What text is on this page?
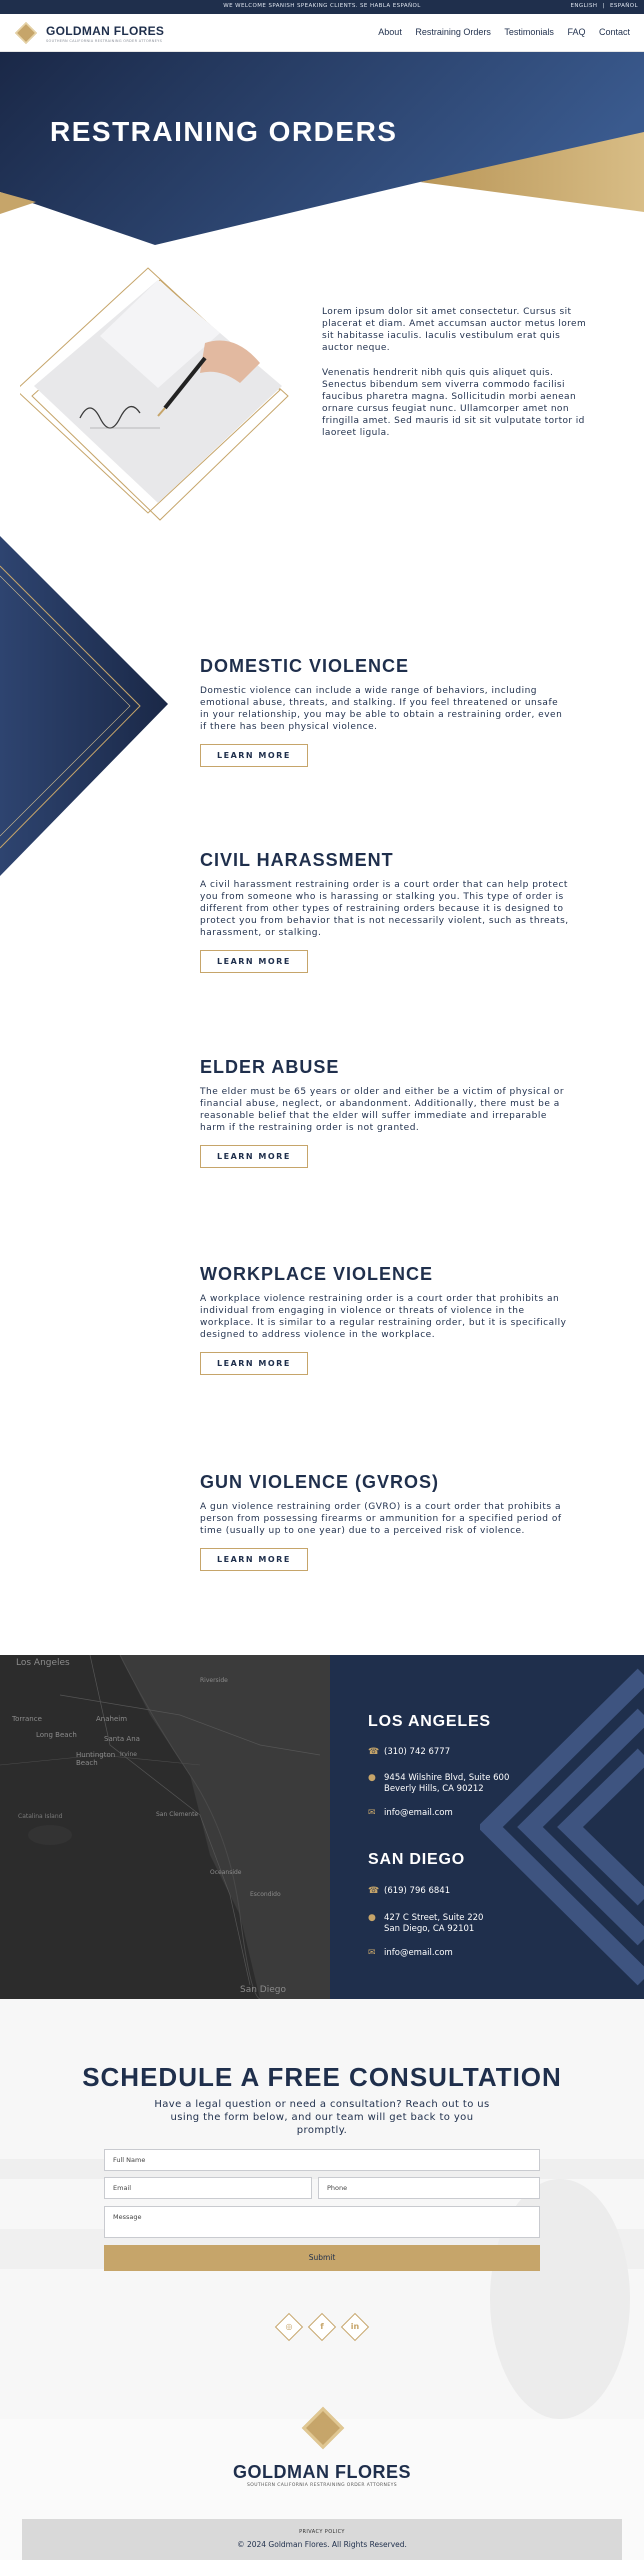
WE WELCOME SPANISH SPEAKING CLIENTS. SE HABLA ESPAÑOL	ENGLISH | ESPAÑOL
GOLDMAN FLORES
SOUTHERN CALIFORNIA RESTRAINING ORDER ATTORNEYS
About Restraining Orders Testimonials FAQ Contact
RESTRAINING ORDERS

Lorem ipsum dolor sit amet consectetur. Cursus sit placerat et diam. Amet accumsan auctor metus lorem sit habitasse iaculis. Iaculis vestibulum erat quis auctor neque.

Venenatis hendrerit nibh quis quis aliquet quis. Senectus bibendum sem viverra commodo facilisi faucibus pharetra magna. Sollicitudin morbi aenean ornare cursus feugiat nunc. Ullamcorper amet non fringilla amet. Sed mauris id sit sit vulputate tortor id laoreet ligula.

DOMESTIC VIOLENCE

Domestic violence can include a wide range of behaviors, including emotional abuse, threats, and stalking. If you feel threatened or unsafe in your relationship, you may be able to obtain a restraining order, even if there has been physical violence.

LEARN MORE
CIVIL HARASSMENT

A civil harassment restraining order is a court order that can help protect you from someone who is harassing or stalking you. This type of order is different from other types of restraining orders because it is designed to protect you from behavior that is not necessarily violent, such as threats, harassment, or stalking.

LEARN MORE
ELDER ABUSE

The elder must be 65 years or older and either be a victim of physical or financial abuse, neglect, or abandonment. Additionally, there must be a reasonable belief that the elder will suffer immediate and irreparable harm if the restraining order is not granted.

LEARN MORE
WORKPLACE VIOLENCE

A workplace violence restraining order is a court order that prohibits an individual from engaging in violence or threats of violence in the workplace. It is similar to a regular restraining order, but it is specifically designed to address violence in the workplace.

LEARN MORE
GUN VIOLENCE (GVROS)

A gun violence restraining order (GVRO) is a court order that prohibits a person from possessing firearms or ammunition for a specified period of time (usually up to one year) due to a perceived risk of violence.

LEARN MORE
Los Angeles
Torrance
Long Beach
Anaheim
Santa Ana
Huntington Beach
Irvine
Catalina Island
Riverside
San Clemente
Oceanside
Escondido
San Diego
LOS ANGELES
☎ (310) 742 6777
● 9454 Wilshire Blvd, Suite 600
Beverly Hills, CA 90212
✉ info@email.com
SAN DIEGO
☎ (619) 796 6841
● 427 C Street, Suite 220
San Diego, CA 92101
✉ info@email.com
SCHEDULE A FREE CONSULTATION
Have a legal question or need a consultation? Reach out to us using the form below, and our team will get back to you promptly.
Full Name
Email	Phone
Message
Submit
◎	f	in
GOLDMAN FLORES
SOUTHERN CALIFORNIA RESTRAINING ORDER ATTORNEYS
PRIVACY POLICY
© 2024 Goldman Flores. All Rights Reserved.
